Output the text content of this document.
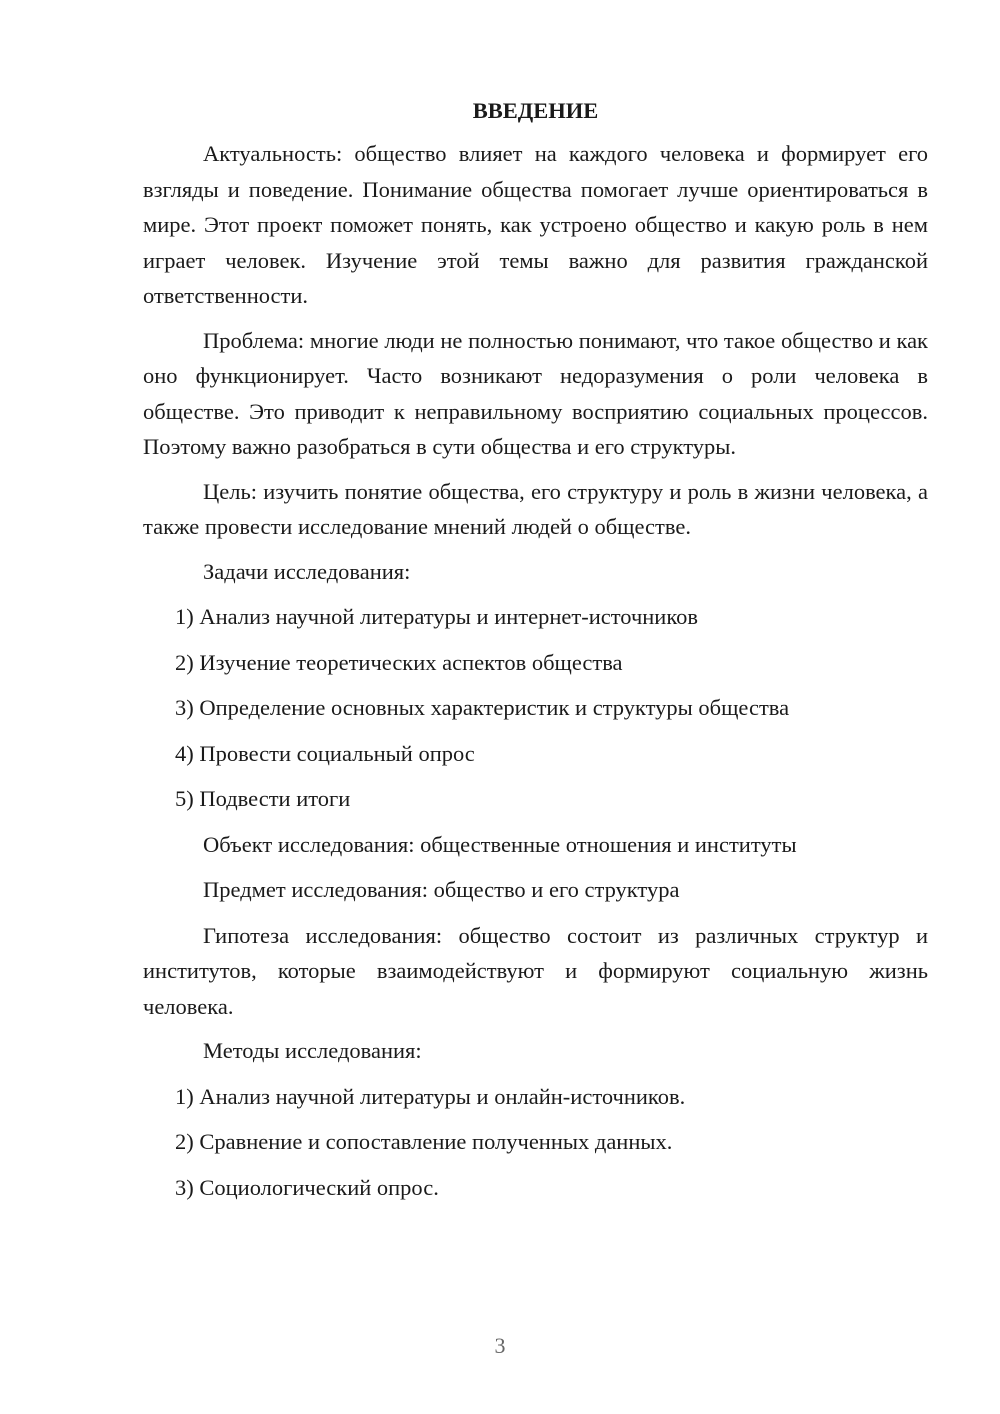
ВВЕДЕНИЕ

Актуальность: общество влияет на каждого человека и формирует его взгляды и поведение. Понимание общества помогает лучше ориентироваться в мире. Этот проект поможет понять, как устроено общество и какую роль в нем играет человек. Изучение этой темы важно для развития гражданской ответственности.

Проблема: многие люди не полностью понимают, что такое общество и как оно функционирует. Часто возникают недоразумения о роли человека в обществе. Это приводит к неправильному восприятию социальных процессов. Поэтому важно разобраться в сути общества и его структуры.

Цель: изучить понятие общества, его структуру и роль в жизни человека, а также провести исследование мнений людей о обществе.

Задачи исследования:
1) Анализ научной литературы и интернет-источников
2) Изучение теоретических аспектов общества
3) Определение основных характеристик и структуры общества
4) Провести социальный опрос
5) Подвести итоги
Объект исследования: общественные отношения и институты
Предмет исследования: общество и его структура

Гипотеза исследования: общество состоит из различных структур и институтов, которые взаимодействуют и формируют социальную жизнь человека.

Методы исследования:
1) Анализ научной литературы и онлайн-источников.
2) Сравнение и сопоставление полученных данных.
3) Социологический опрос.
3
